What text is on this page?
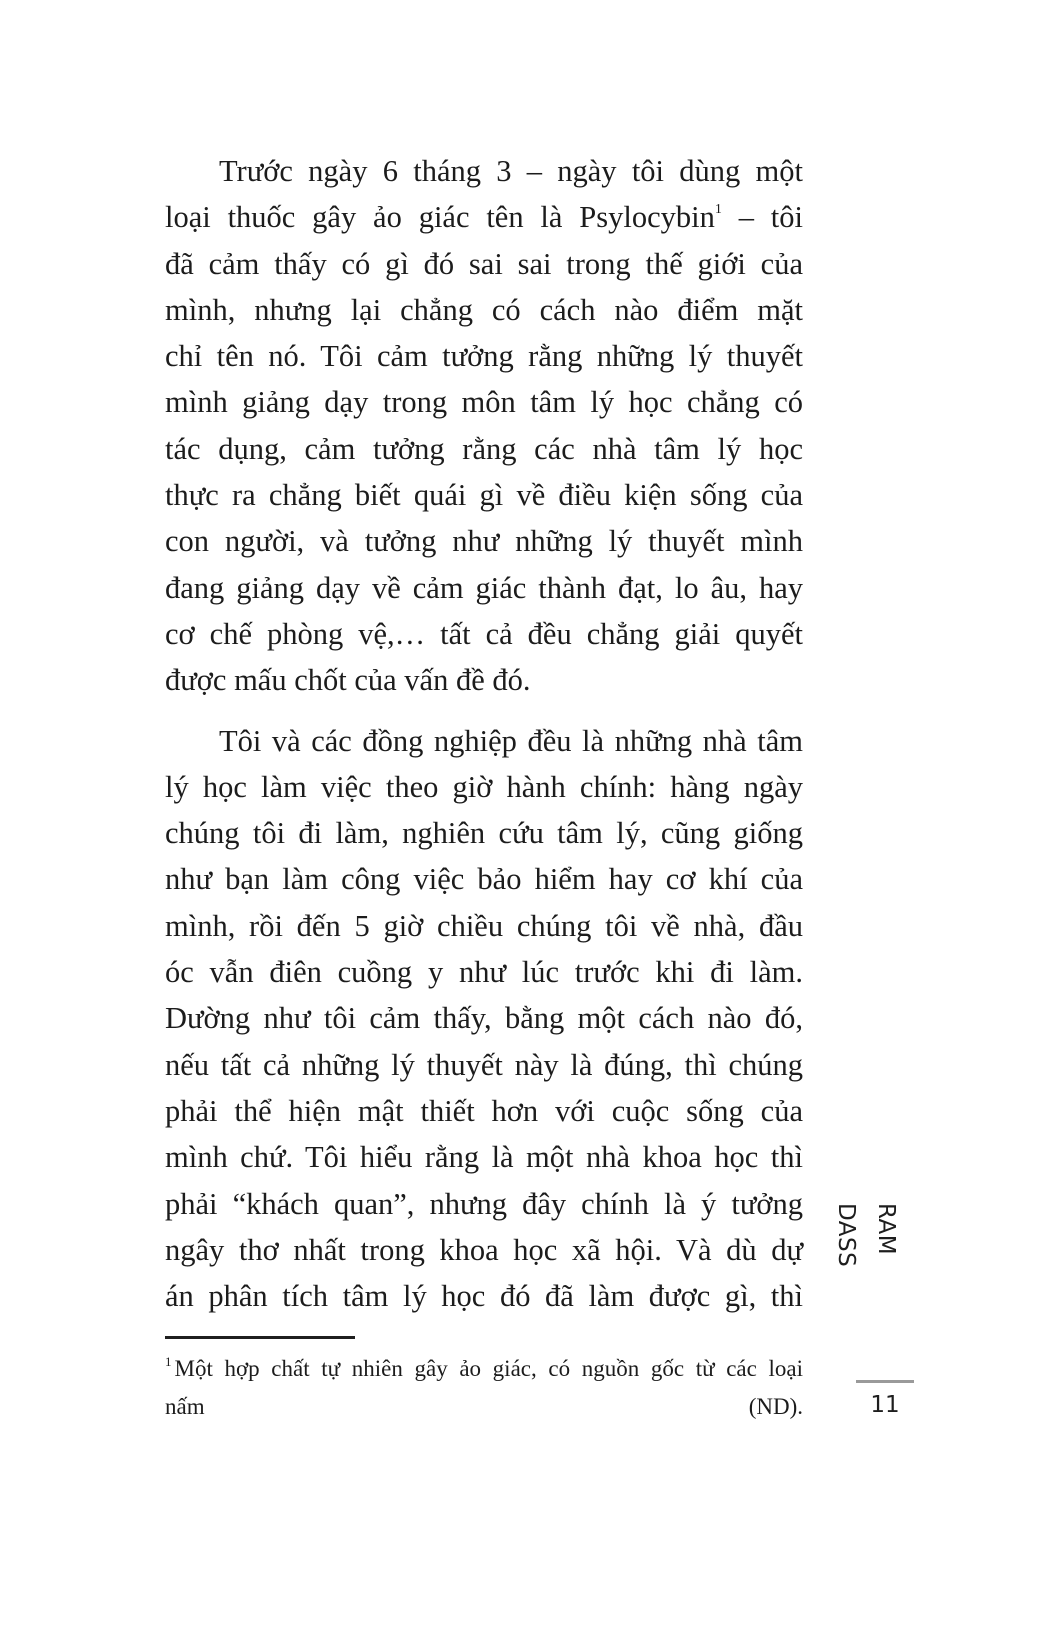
Trước ngày 6 tháng 3 – ngày tôi dùng một
loại thuốc gây ảo giác tên là Psylocybin$^1$ – tôi
đã cảm thấy có gì đó sai sai trong thế giới của
mình, nhưng lại chẳng có cách nào điểm mặt
chỉ tên nó. Tôi cảm tưởng rằng những lý thuyết
mình giảng dạy trong môn tâm lý học chẳng có
tác dụng, cảm tưởng rằng các nhà tâm lý học
thực ra chẳng biết quái gì về điều kiện sống của
con người, và tưởng như những lý thuyết mình
đang giảng dạy về cảm giác thành đạt, lo âu, hay
cơ chế phòng vệ,… tất cả đều chẳng giải quyết
được mấu chốt của vấn đề đó.

Tôi và các đồng nghiệp đều là những nhà tâm
lý học làm việc theo giờ hành chính: hàng ngày
chúng tôi đi làm, nghiên cứu tâm lý, cũng giống
như bạn làm công việc bảo hiểm hay cơ khí của
mình, rồi đến 5 giờ chiều chúng tôi về nhà, đầu
óc vẫn điên cuồng y như lúc trước khi đi làm.
Dường như tôi cảm thấy, bằng một cách nào đó,
nếu tất cả những lý thuyết này là đúng, thì chúng
phải thể hiện mật thiết hơn với cuộc sống của
mình chứ. Tôi hiểu rằng là một nhà khoa học thì
phải “khách quan”, nhưng đây chính là ý tưởng
ngây thơ nhất trong khoa học xã hội. Và dù dự
án phân tích tâm lý học đó đã làm được gì, thì

$^1$ Một hợp chất tự nhiên gây ảo giác, có nguồn gốc từ các loại
nấm (ND).
RAM DASS
11
